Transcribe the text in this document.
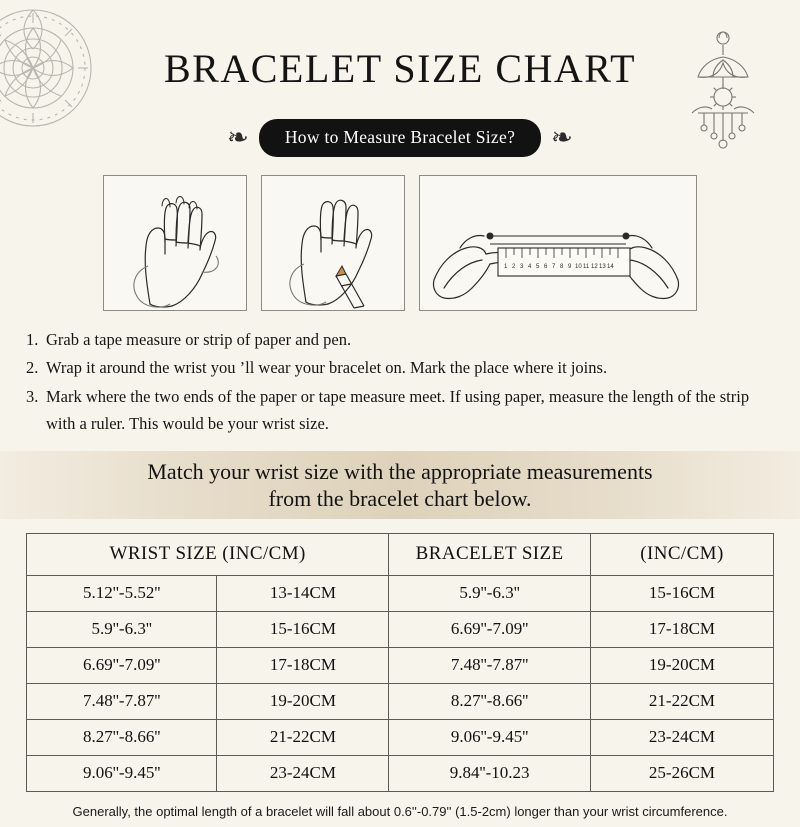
BRACELET SIZE CHART
❧	How to Measure Bracelet Size?	❧
1 2 3 4 5 6 7 8 9 10 11 12 13 14
1. Grab a tape measure or strip of paper and pen.
2. Wrap it around the wrist you ’ll wear your bracelet on. Mark the place where it joins.
3. Mark where the two ends of the paper or tape measure meet. If using paper, measure the length of the strip with a ruler. This would be your wrist size.
Match your wrist size with the appropriate measurements
from the bracelet chart below.
WRIST SIZE (INC/CM)		BRACELET SIZE	(INC/CM)
5.12''-5.52''	13-14CM	5.9''-6.3''	15-16CM
5.9''-6.3''	15-16CM	6.69''-7.09''	17-18CM
6.69''-7.09''	17-18CM	7.48''-7.87''	19-20CM
7.48''-7.87''	19-20CM	8.27''-8.66''	21-22CM
8.27''-8.66''	21-22CM	9.06''-9.45''	23-24CM
9.06''-9.45''	23-24CM	9.84''-10.23	25-26CM
Generally, the optimal length of a bracelet will fall about 0.6''-0.79'' (1.5-2cm) longer than your wrist circumference.
